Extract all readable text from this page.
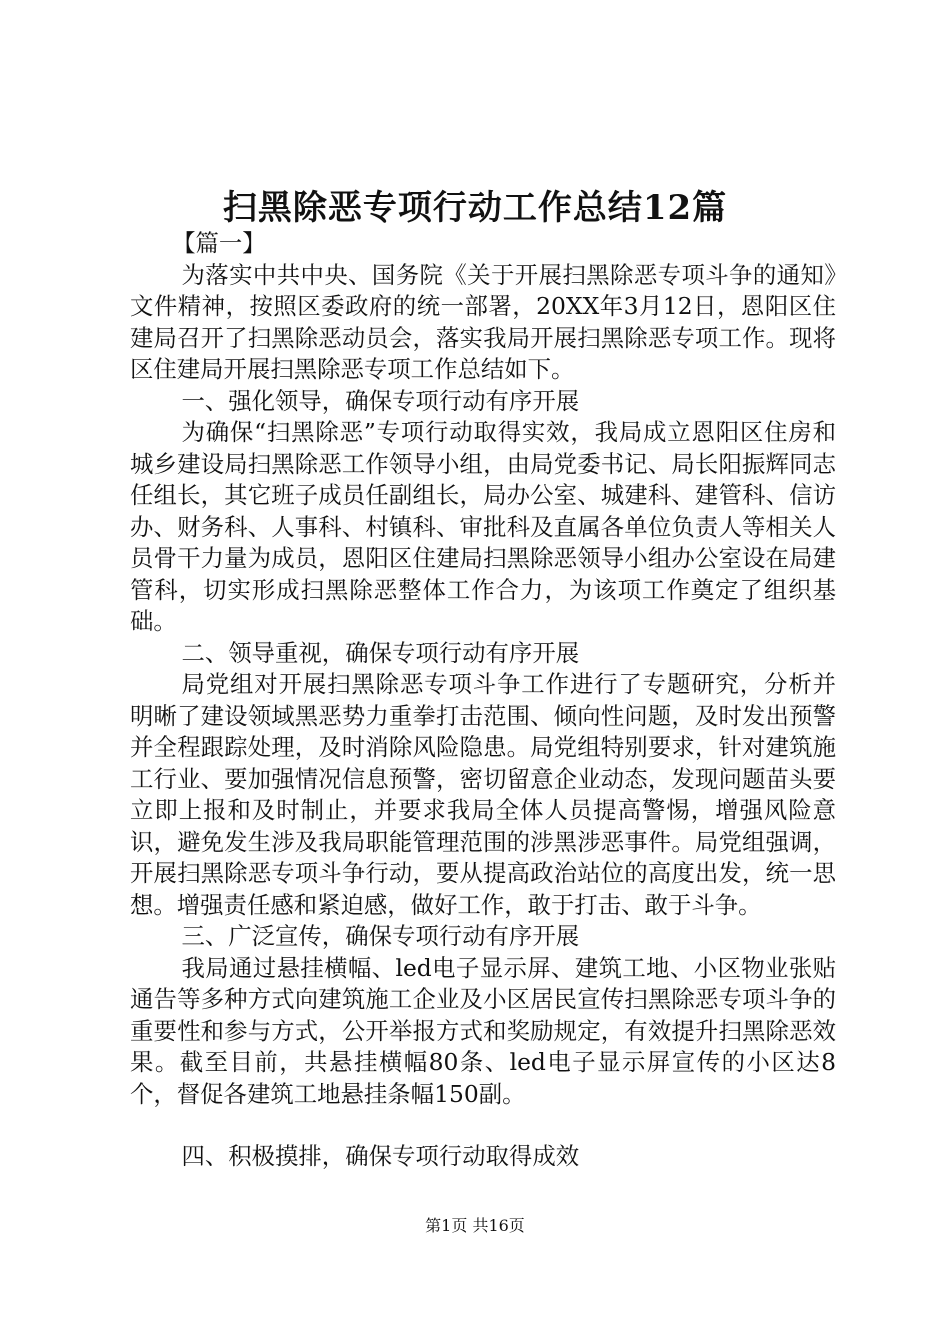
扫黑除恶专项行动工作总结12篇

【篇一】

为落实中共中央、国务院《关于开展扫黑除恶专项斗争的通知》文件精神，按照区委政府的统一部署，20XX年3月12日，恩阳区住建局召开了扫黑除恶动员会，落实我局开展扫黑除恶专项工作。现将区住建局开展扫黑除恶专项工作总结如下。

一、强化领导，确保专项行动有序开展

为确保“扫黑除恶”专项行动取得实效，我局成立恩阳区住房和城乡建设局扫黑除恶工作领导小组，由局党委书记、局长阳振辉同志任组长，其它班子成员任副组长，局办公室、城建科、建管科、信访办、财务科、人事科、村镇科、审批科及直属各单位负责人等相关人员骨干力量为成员，恩阳区住建局扫黑除恶领导小组办公室设在局建管科，切实形成扫黑除恶整体工作合力，为该项工作奠定了组织基础。

二、领导重视，确保专项行动有序开展

局党组对开展扫黑除恶专项斗争工作进行了专题研究，分析并明晰了建设领域黑恶势力重拳打击范围、倾向性问题，及时发出预警并全程跟踪处理，及时消除风险隐患。局党组特别要求，针对建筑施工行业、要加强情况信息预警，密切留意企业动态，发现问题苗头要立即上报和及时制止，并要求我局全体人员提高警惕，增强风险意识，避免发生涉及我局职能管理范围的涉黑涉恶事件。局党组强调，开展扫黑除恶专项斗争行动，要从提高政治站位的高度出发，统一思想。增强责任感和紧迫感，做好工作，敢于打击、敢于斗争。

三、广泛宣传，确保专项行动有序开展

我局通过悬挂横幅、led电子显示屏、建筑工地、小区物业张贴通告等多种方式向建筑施工企业及小区居民宣传扫黑除恶专项斗争的重要性和参与方式，公开举报方式和奖励规定，有效提升扫黑除恶效果。截至目前，共悬挂横幅80条、led电子显示屏宣传的小区达8个，督促各建筑工地悬挂条幅150副。

四、积极摸排，确保专项行动取得成效

第1页 共16页
